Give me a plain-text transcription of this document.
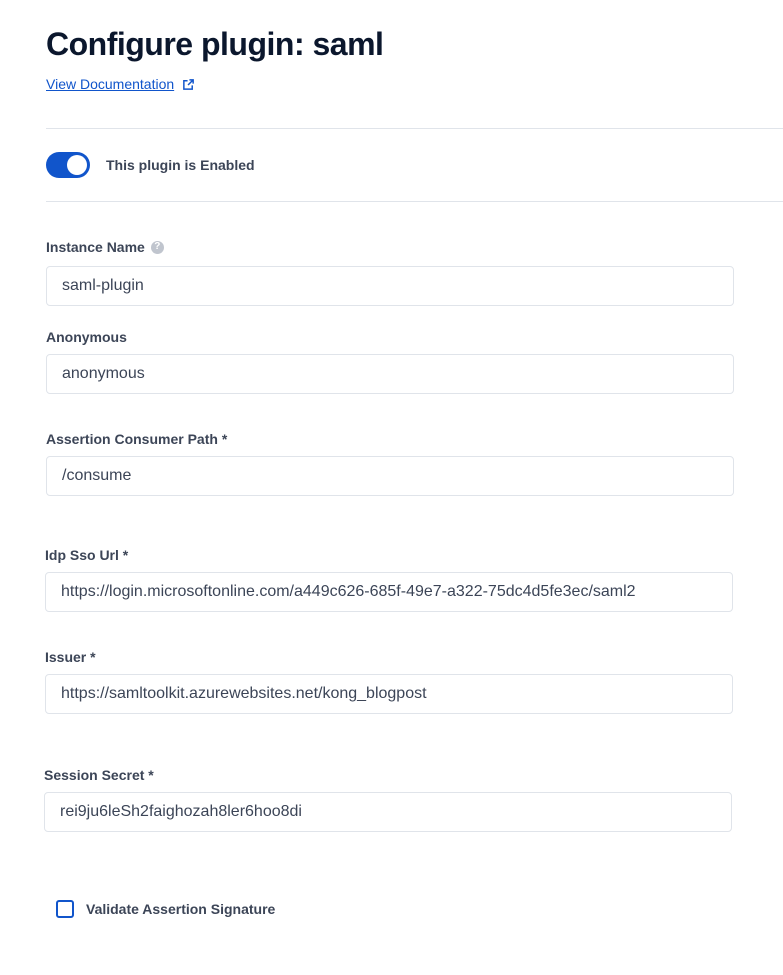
Configure plugin: saml
View Documentation
This plugin is Enabled
Instance Name ?
saml-plugin
Anonymous
anonymous
Assertion Consumer Path *
/consume
Idp Sso Url *
https://login.microsoftonline.com/a449c626-685f-49e7-a322-75dc4d5fe3ec/saml2
Issuer *
https://samltoolkit.azurewebsites.net/kong_blogpost
Session Secret *
rei9ju6leSh2faighozah8ler6hoo8di
Validate Assertion Signature
